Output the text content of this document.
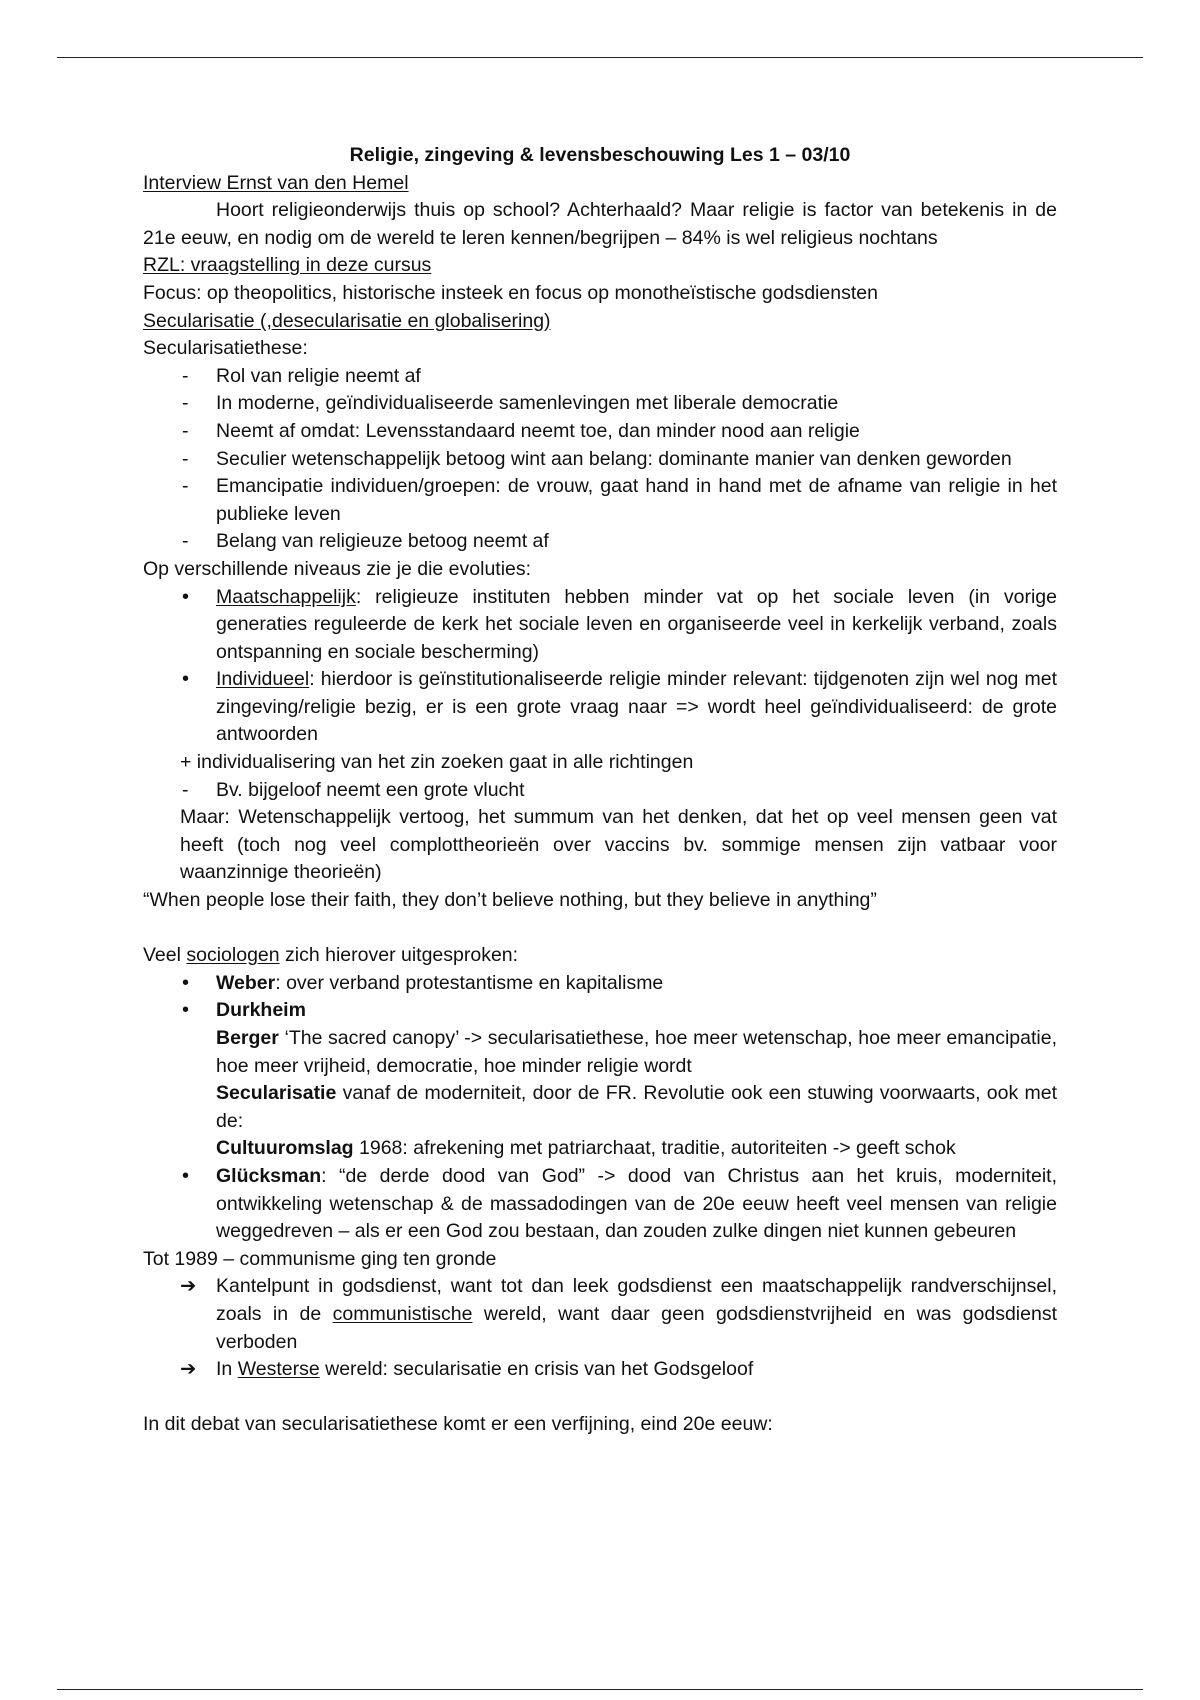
Religie, zingeving & levensbeschouwing Les 1 – 03/10

Interview Ernst van den Hemel

Hoort religieonderwijs thuis op school? Achterhaald? Maar religie is factor van betekenis in de 21e eeuw, en nodig om de wereld te leren kennen/begrijpen – 84% is wel religieus nochtans

RZL: vraagstelling in deze cursus

Focus: op theopolitics, historische insteek en focus op monotheïstische godsdiensten

Secularisatie (,desecularisatie en globalisering)

Secularisatiethese:

- Rol van religie neemt af
- In moderne, geïndividualiseerde samenlevingen met liberale democratie
- Neemt af omdat: Levensstandaard neemt toe, dan minder nood aan religie
- Seculier wetenschappelijk betoog wint aan belang: dominante manier van denken geworden
- Emancipatie individuen/groepen: de vrouw, gaat hand in hand met de afname van religie in het publieke leven
- Belang van religieuze betoog neemt af

Op verschillende niveaus zie je die evoluties:

• Maatschappelijk: religieuze instituten hebben minder vat op het sociale leven (in vorige generaties reguleerde de kerk het sociale leven en organiseerde veel in kerkelijk verband, zoals ontspanning en sociale bescherming)
• Individueel: hierdoor is geïnstitutionaliseerde religie minder relevant: tijdgenoten zijn wel nog met zingeving/religie bezig, er is een grote vraag naar => wordt heel geïndividualiseerd: de grote antwoorden

+ individualisering van het zin zoeken gaat in alle richtingen

- Bv. bijgeloof neemt een grote vlucht

Maar: Wetenschappelijk vertoog, het summum van het denken, dat het op veel mensen geen vat heeft (toch nog veel complottheorieën over vaccins bv. sommige mensen zijn vatbaar voor waanzinnige theorieën)

“When people lose their faith, they don’t believe nothing, but they believe in anything”

Veel sociologen zich hierover uitgesproken:

• Weber: over verband protestantisme en kapitalisme
• Durkheim
Berger ‘The sacred canopy’ -> secularisatiethese, hoe meer wetenschap, hoe meer emancipatie, hoe meer vrijheid, democratie, hoe minder religie wordt
Secularisatie vanaf de moderniteit, door de FR. Revolutie ook een stuwing voorwaarts, ook met de:
Cultuuromslag 1968: afrekening met patriarchaat, traditie, autoriteiten -> geeft schok
• Glücksman: “de derde dood van God” -> dood van Christus aan het kruis, moderniteit, ontwikkeling wetenschap & de massadodingen van de 20e eeuw heeft veel mensen van religie weggedreven – als er een God zou bestaan, dan zouden zulke dingen niet kunnen gebeuren

Tot 1989 – communisme ging ten gronde

➔ Kantelpunt in godsdienst, want tot dan leek godsdienst een maatschappelijk randverschijnsel, zoals in de communistische wereld, want daar geen godsdienstvrijheid en was godsdienst verboden
➔ In Westerse wereld: secularisatie en crisis van het Godsgeloof

In dit debat van secularisatiethese komt er een verfijning, eind 20e eeuw:
